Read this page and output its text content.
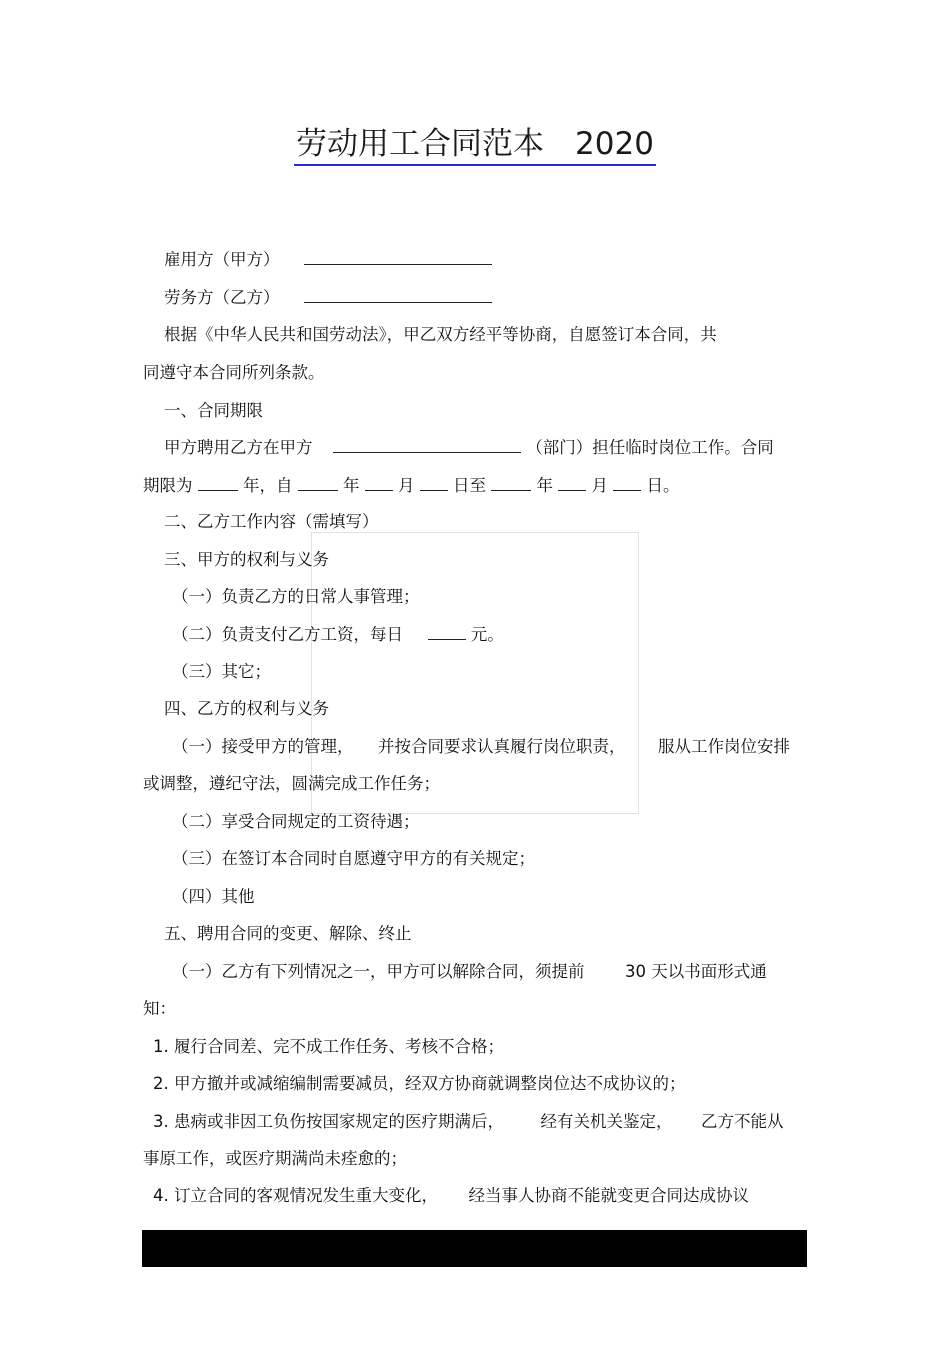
劳动用工合同范本　2020
雇用方（甲方）
劳务方（乙方）
根据《中华人民共和国劳动法》，甲乙双方经平等协商，自愿签订本合同，共
同遵守本合同所列条款。
一、合同期限
甲方聘用乙方在甲方	（部门）担任临时岗位工作。合同
期限为	年，自	年 月 日至	年 月 日。
二、乙方工作内容（需填写）
三、甲方的权利与义务
（一）负责乙方的日常人事管理；
（二）负责支付乙方工资，每日	元。
（三）其它；
四、乙方的权利与义务
（一）接受甲方的管理， 并按合同要求认真履行岗位职责， 服从工作岗位安排
或调整，遵纪守法，圆满完成工作任务；
（二）享受合同规定的工资待遇；
（三）在签订本合同时自愿遵守甲方的有关规定；
（四）其他
五、聘用合同的变更、解除、终止
（一）乙方有下列情况之一，甲方可以解除合同，须提前 30 天以书面形式通
知：
1. 履行合同差、完不成工作任务、考核不合格；
2. 甲方撤并或减缩编制需要减员，经双方协商就调整岗位达不成协议的；
3. 患病或非因工负伤按国家规定的医疗期满后， 经有关机关鉴定， 乙方不能从
事原工作，或医疗期满尚未痊愈的；
4. 订立合同的客观情况发生重大变化， 经当事人协商不能就变更合同达成协议
